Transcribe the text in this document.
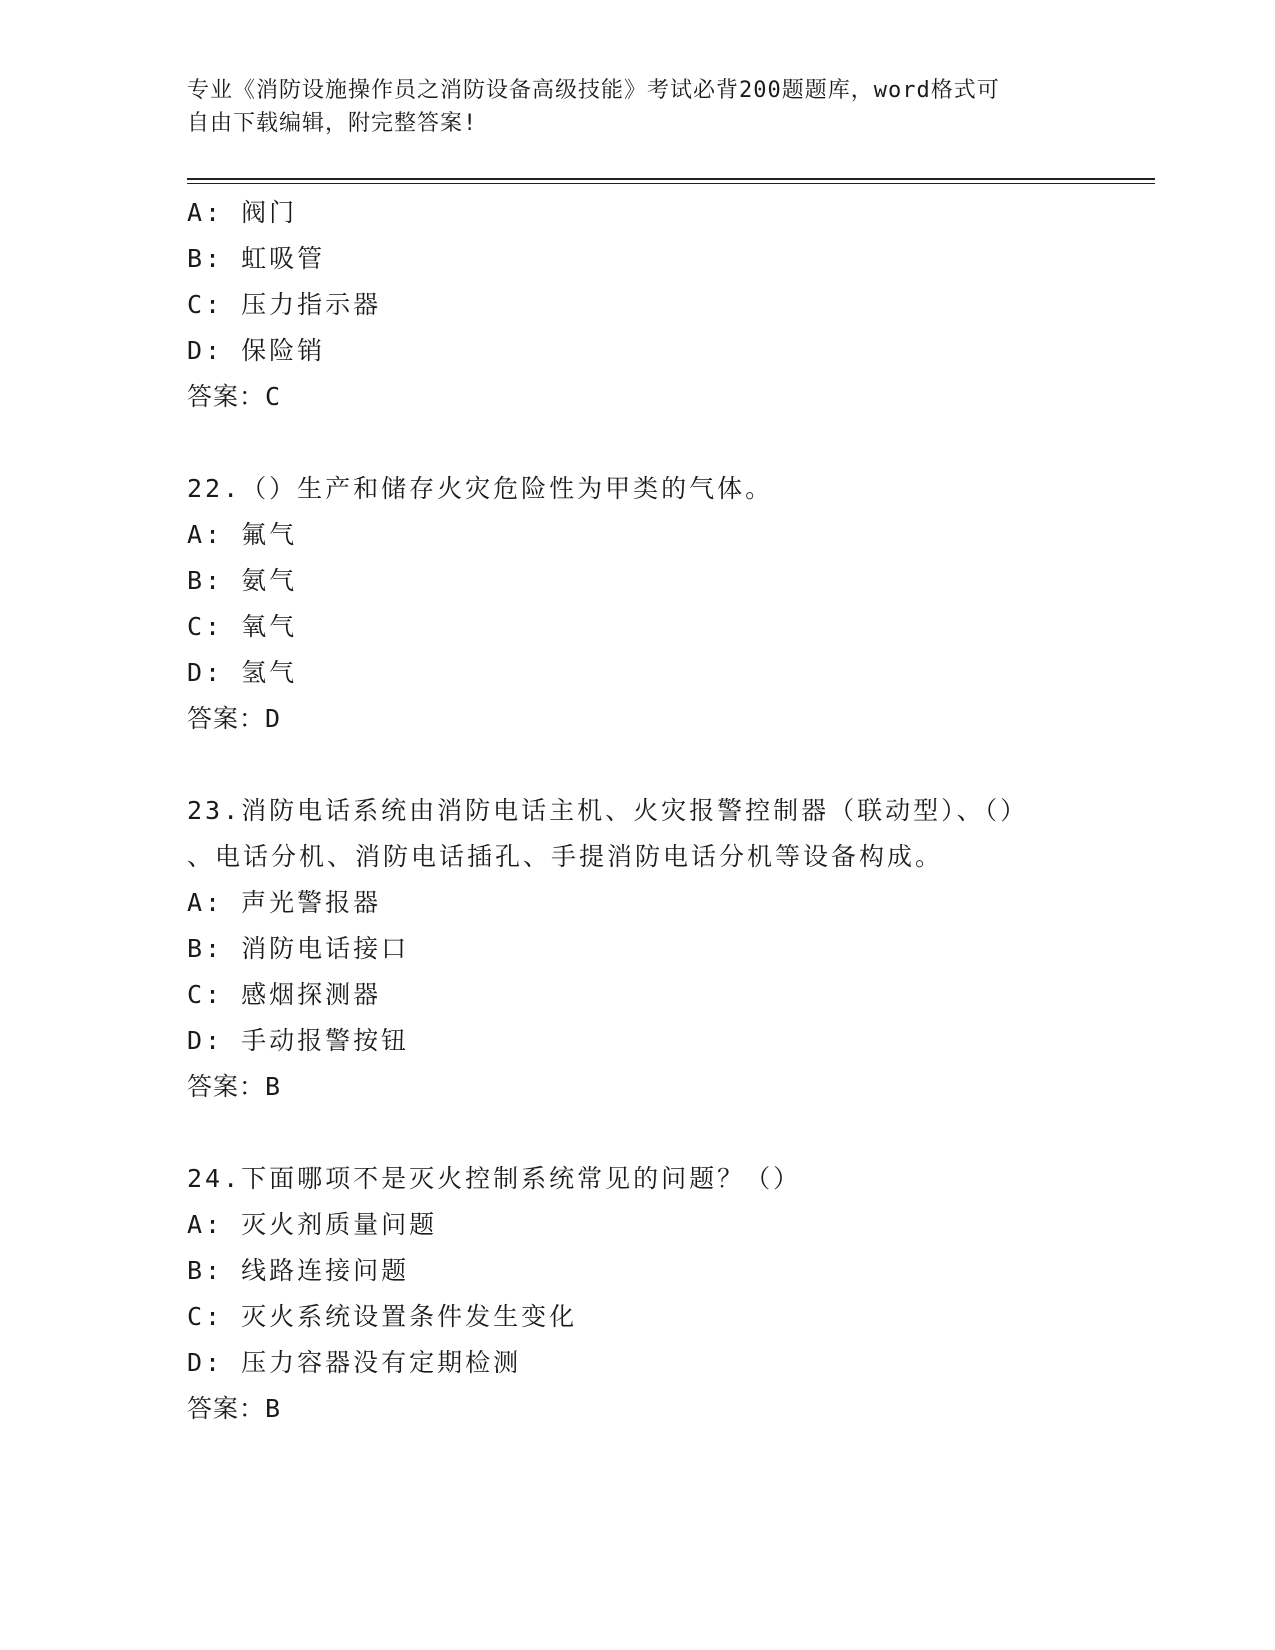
专业《消防设施操作员之消防设备高级技能》考试必背200题题库，word格式可
自由下载编辑，附完整答案!
A: 阀门
B: 虹吸管
C: 压力指示器
D: 保险销
答案：C
22.（）生产和储存火灾危险性为甲类的气体。
A: 氟气
B: 氨气
C: 氧气
D: 氢气
答案：D
23.消防电话系统由消防电话主机、火灾报警控制器（联动型）、（）
、电话分机、消防电话插孔、手提消防电话分机等设备构成。
A: 声光警报器
B: 消防电话接口
C: 感烟探测器
D: 手动报警按钮
答案：B
24.下面哪项不是灭火控制系统常见的问题？（）
A: 灭火剂质量问题
B: 线路连接问题
C: 灭火系统设置条件发生变化
D: 压力容器没有定期检测
答案：B
